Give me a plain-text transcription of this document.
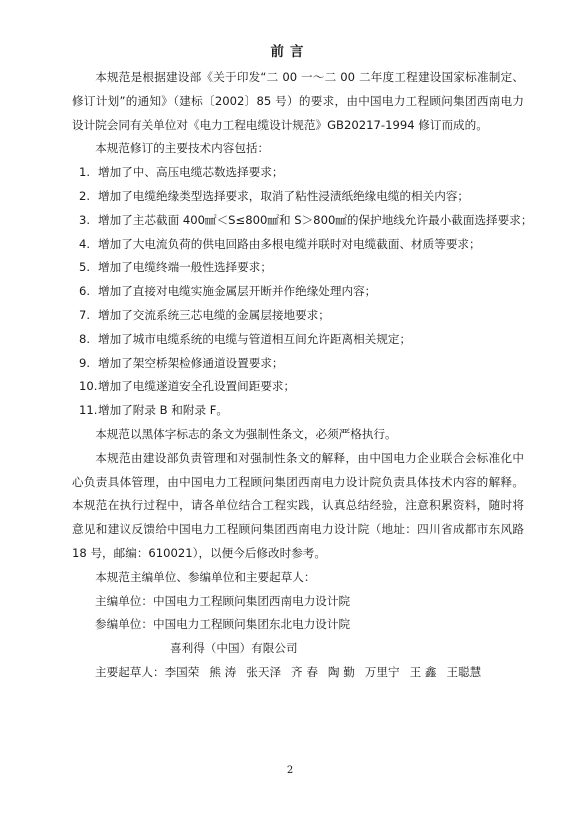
前言

本规范是根据建设部《关于印发“二 00 一～二 00 二年度工程建设国家标准制定、修订计划”的通知》（建标〔2002〕85 号）的要求，由中国电力工程顾问集团西南电力设计院会同有关单位对《电力工程电缆设计规范》GB20217-1994 修订而成的。

本规范修订的主要技术内容包括：

1. 增加了中、高压电缆芯数选择要求；

2. 增加了电缆绝缘类型选择要求，取消了粘性浸渍纸绝缘电缆的相关内容；

3. 增加了主芯截面 400㎟＜S≤800㎟和 S＞800㎟的保护地线允许最小截面选择要求；

4. 增加了大电流负荷的供电回路由多根电缆并联时对电缆截面、材质等要求；

5. 增加了电缆终端一般性选择要求；

6. 增加了直接对电缆实施金属层开断并作绝缘处理内容；

7. 增加了交流系统三芯电缆的金属层接地要求；

8. 增加了城市电缆系统的电缆与管道相互间允许距离相关规定；

9. 增加了架空桥架检修通道设置要求；

10.增加了电缆遂道安全孔设置间距要求；

11.增加了附录 B 和附录 F。

本规范以黑体字标志的条文为强制性条文，必须严格执行。

本规范由建设部负责管理和对强制性条文的解释，由中国电力企业联合会标准化中心负责具体管理，由中国电力工程顾问集团西南电力设计院负责具体技术内容的解释。本规范在执行过程中，请各单位结合工程实践，认真总结经验，注意积累资料，随时将意见和建议反馈给中国电力工程顾问集团西南电力设计院（地址：四川省成都市东风路 18 号，邮编：610021），以便今后修改时参考。

本规范主编单位、参编单位和主要起草人：

主编单位：中国电力工程顾问集团西南电力设计院

参编单位：中国电力工程顾问集团东北电力设计院

喜利得（中国）有限公司

主要起草人：李国荣 熊 涛 张天泽 齐 春 陶 勤 万里宁 王 鑫 王聪慧

2
